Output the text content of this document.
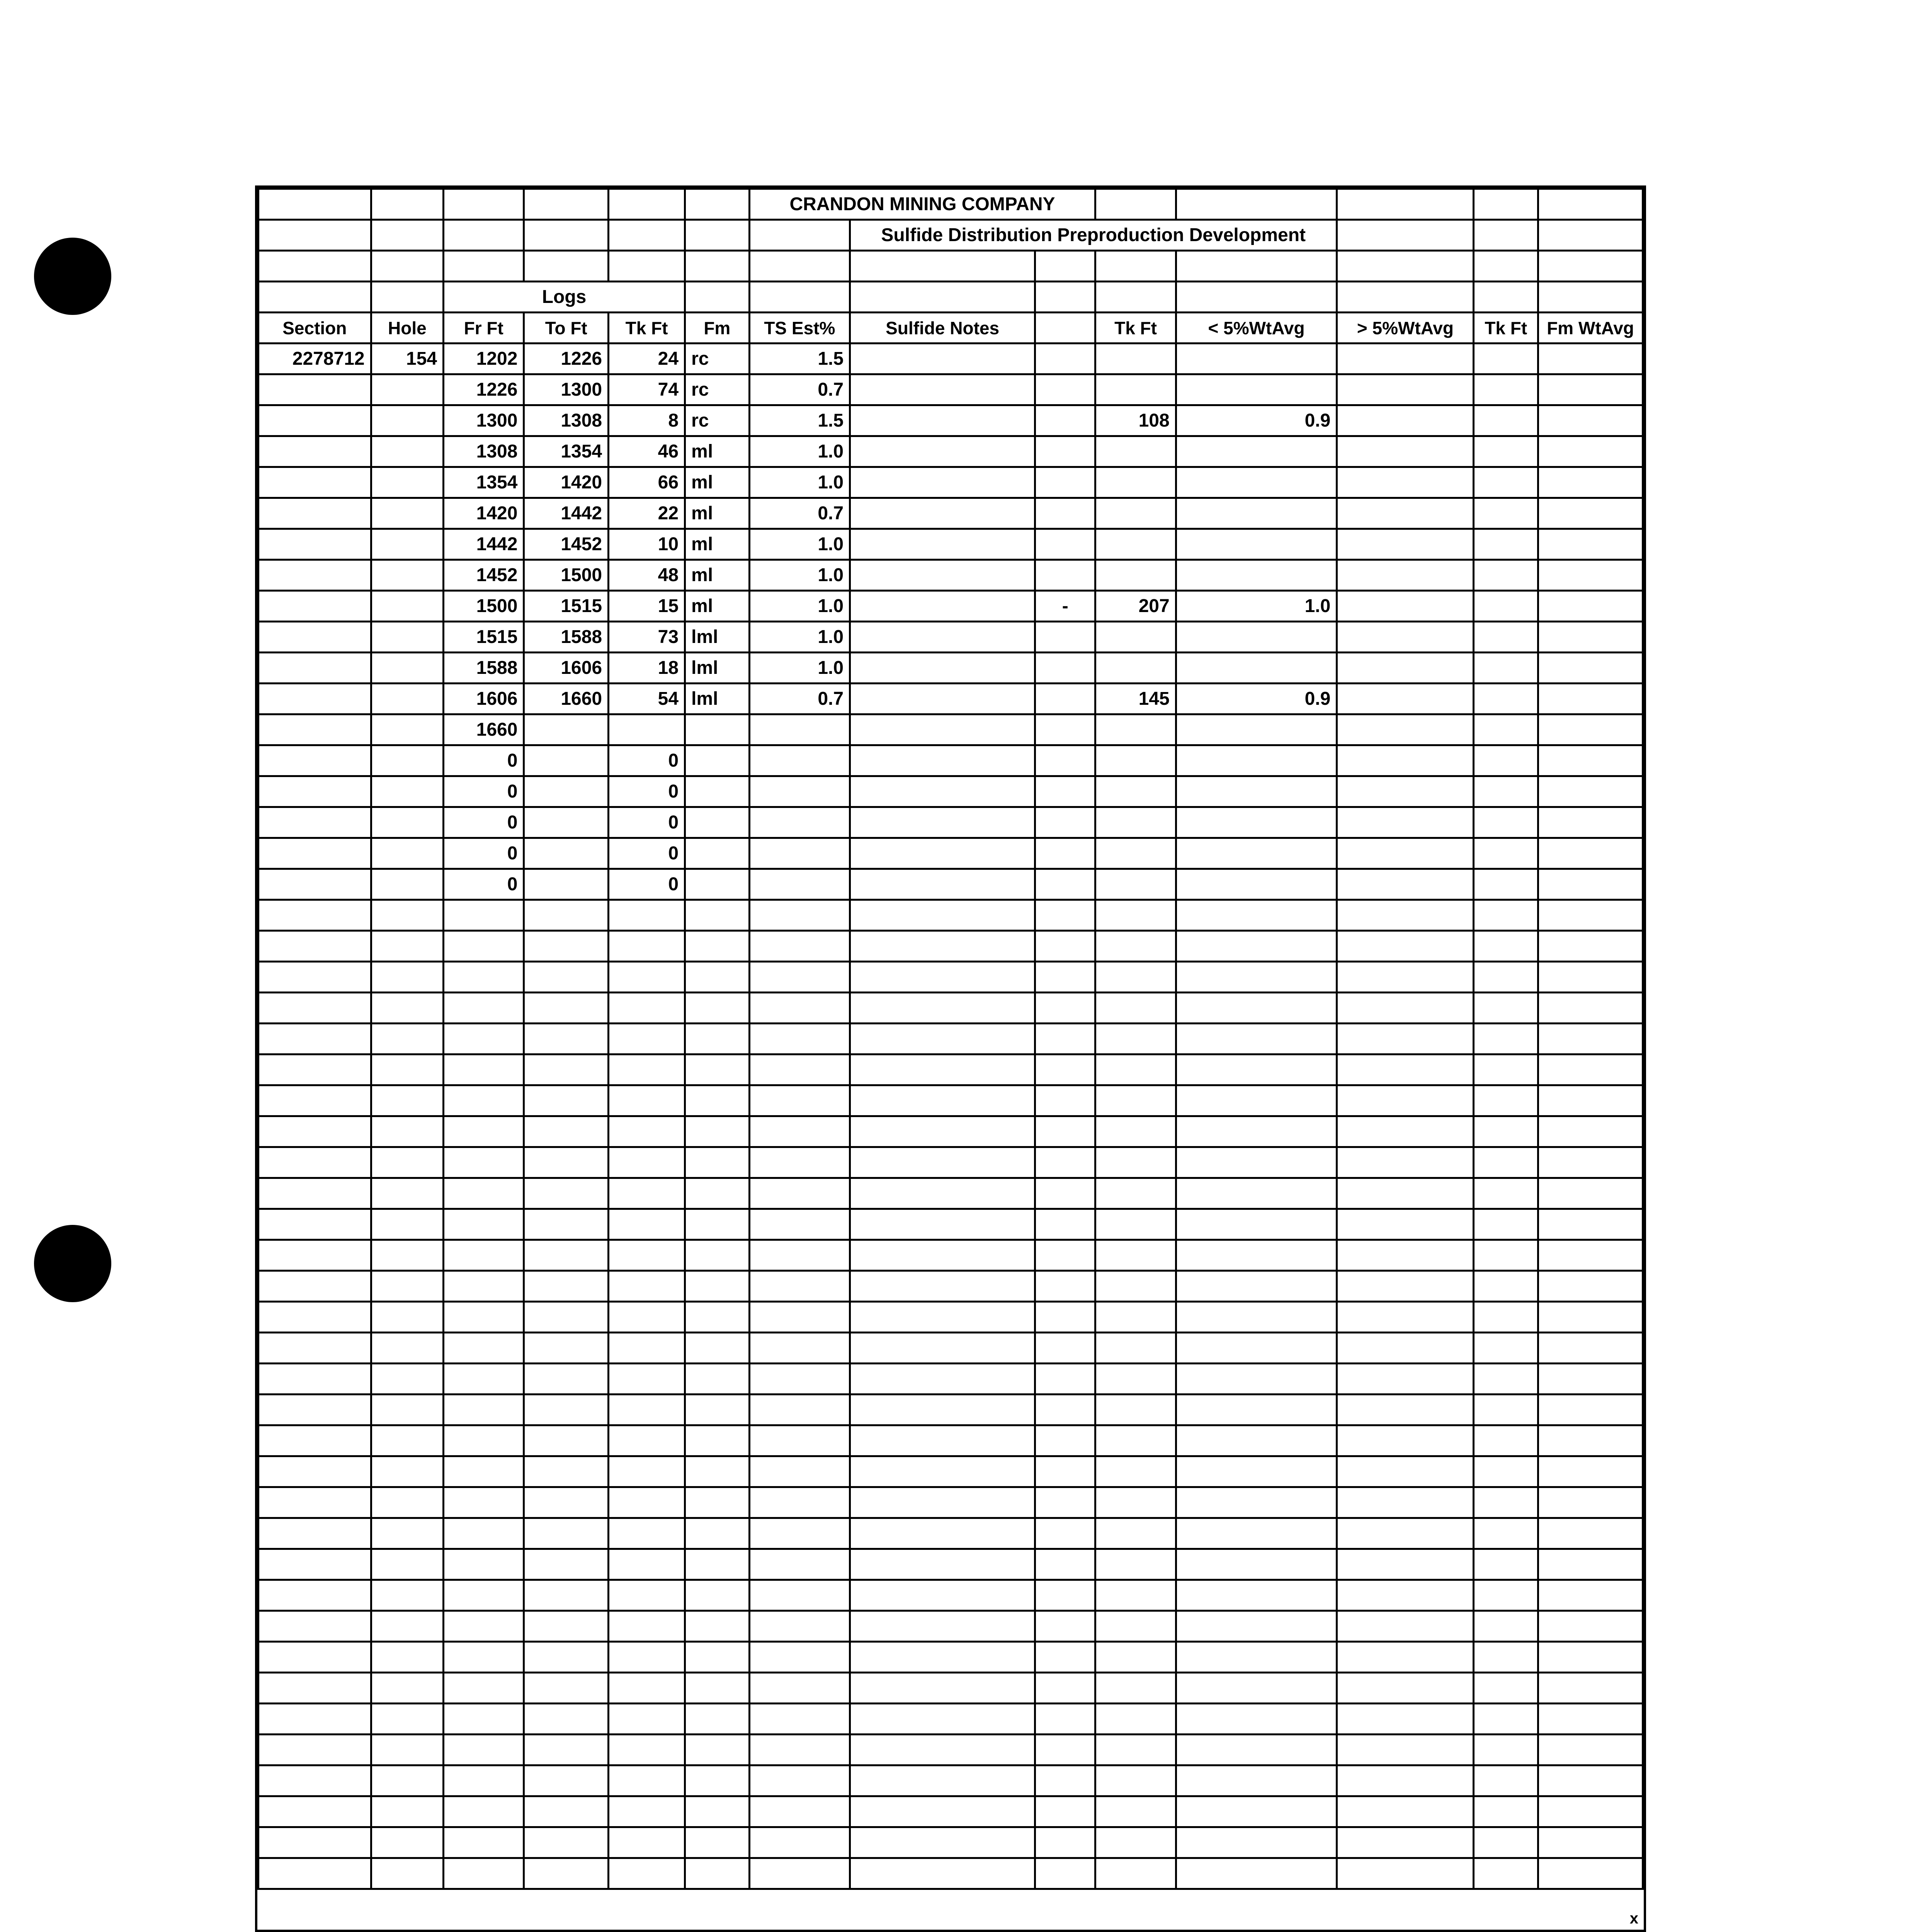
						CRANDON MINING COMPANY							
							Sulfide Distribution Preproduction Development						

		Logs											
Section	Hole	Fr Ft	To Ft	Tk Ft	Fm	TS Est%	Sulfide Notes		Tk Ft	< 5%WtAvg	> 5%WtAvg	Tk Ft	Fm WtAvg
2278712	154	1202	1226	24	rc	1.5							
		1226	1300	74	rc	0.7							
		1300	1308	8	rc	1.5			108	0.9			
		1308	1354	46	ml	1.0							
		1354	1420	66	ml	1.0							
		1420	1442	22	ml	0.7							
		1442	1452	10	ml	1.0							
		1452	1500	48	ml	1.0							
		1500	1515	15	ml	1.0		-	207	1.0			
		1515	1588	73	lml	1.0							
		1588	1606	18	lml	1.0							
		1606	1660	54	lml	0.7			145	0.9			
		1660											
		0		0									
		0		0									
		0		0									
		0		0									
		0		0									

x
